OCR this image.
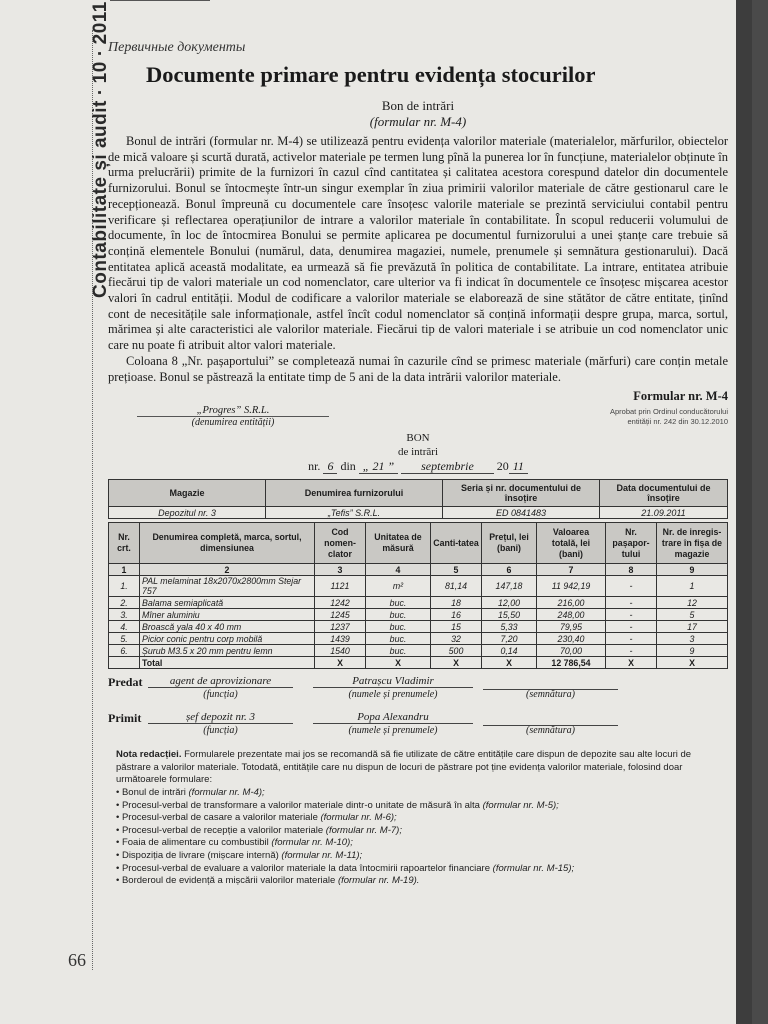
Contabilitate și audit·10·2011
66
Первичные документы
Documente primare pentru evidența stocurilor

Bon de intrări

(formular nr. M-4)

Bonul de intrări (formular nr. M-4) se utilizează pentru evidența valorilor materiale (materialelor, mărfurilor, obiectelor de mică valoare și scurtă durată, activelor materiale pe termen lung pînă la punerea lor în funcțiune, materialelor obținute în urma prelucrării) primite de la furnizori în cazul cînd cantitatea și calitatea acestora corespund datelor din documentele furnizorului. Bonul se întocmește într-un singur exemplar în ziua primirii valorilor materiale de către gestionarul care le recepționează. Bonul împreună cu documentele care însoțesc valorile materiale se prezintă serviciului contabil pentru verificare și reflectarea operațiunilor de intrare a valorilor materiale în contabilitate. În scopul reducerii volumului de documente, în loc de întocmirea Bonului se permite aplicarea pe documentul furnizorului a unei ștanțe care trebuie să conțină elementele Bonului (numărul, data, denumirea magaziei, numele, prenumele și semnătura gestionarului). Dacă entitatea aplică această modalitate, ea urmează să fie prevăzută în politica de contabilitate. La intrare, entitatea atribuie fiecărui tip de valori materiale un cod nomenclator, care ulterior va fi indicat în documentele ce însoțesc mișcarea acestor valori în cadrul entității. Modul de codificare a valorilor materiale se elaborează de sine stătător de către entitate, ținînd cont de necesitățile sale informaționale, astfel încît codul nomenclator să conțină informații despre grupa, marca, sortul, mărimea și alte caracteristici ale valorilor materiale. Fiecărui tip de valori materiale i se atribuie un cod nomenclator unic care nu poate fi atribuit altor valori materiale.

Coloana 8 „Nr. pașaportului” se completează numai în cazurile cînd se primesc materiale (mărfuri) care conțin metale prețioase. Bonul se păstrează la entitate timp de 5 ani de la data intrării valorilor materiale.

Formular nr. M-4
Aprobat prin Ordinul conducătorului
entității nr. 242 din 30.12.2010
„Progres” S.R.L.
(denumirea entității)
BON
de intrări
nr. 6 din „ 21 ” septembrie 20 11
Magazie	Denumirea furnizorului	Seria și nr. documentului de însoțire	Data documentului de însoțire
Depozitul nr. 3	„Tefis” S.R.L.	ED 0841483	21.09.2011
Nr. crt.	Denumirea completă, marca, sortul, dimensiunea	Cod nomen-clator	Unitatea de măsură	Canti-tatea	Prețul, lei (bani)	Valoarea totală, lei (bani)	Nr. pașapor-tului	Nr. de inregis-trare în fișa de magazie
1	2	3	4	5	6	7	8	9
1.	PAL melaminat 18x2070x2800mm Stejar 757	1121	m²	81,14	147,18	11 942,19	-	1
2.	Balama semiaplicată	1242	buc.	18	12,00	216,00	-	12
3.	Mîner aluminiu	1245	buc.	16	15,50	248,00	-	5
4.	Broască yala 40 x 40 mm	1237	buc.	15	5,33	79,95	-	17
5.	Picior conic pentru corp mobilă	1439	buc.	32	7,20	230,40	-	3
6.	Șurub M3.5 x 20 mm pentru lemn	1540	buc.	500	0,14	70,00	-	9
	Total	X	X	X	X	12 786,54	X	X
Predat	agent de aprovizionare	Patrașcu Vladimir
(funcția)	(numele și prenumele)	(semnătura)
Primit	șef depozit nr. 3	Popa Alexandru
(funcția)	(numele și prenumele)	(semnătura)
Nota redacției. Formularele prezentate mai jos se recomandă să fie utilizate de către entitățile care dispun de depozite sau alte locuri de păstrare a valorilor materiale. Totodată, entitățile care nu dispun de locuri de păstrare pot ține evidența valorilor materiale, folosind doar următoarele formulare:
• Bonul de intrări (formular nr. M-4);
• Procesul-verbal de transformare a valorilor materiale dintr-o unitate de măsură în alta (formular nr. M-5);
• Procesul-verbal de casare a valorilor materiale (formular nr. M-6);
• Procesul-verbal de recepție a valorilor materiale (formular nr. M-7);
• Foaia de alimentare cu combustibil (formular nr. M-10);
• Dispoziția de livrare (mișcare internă) (formular nr. M-11);
• Procesul-verbal de evaluare a valorilor materiale la data întocmirii rapoartelor financiare (formular nr. M-15);
• Borderoul de evidență a mișcării valorilor materiale (formular nr. M-19).
